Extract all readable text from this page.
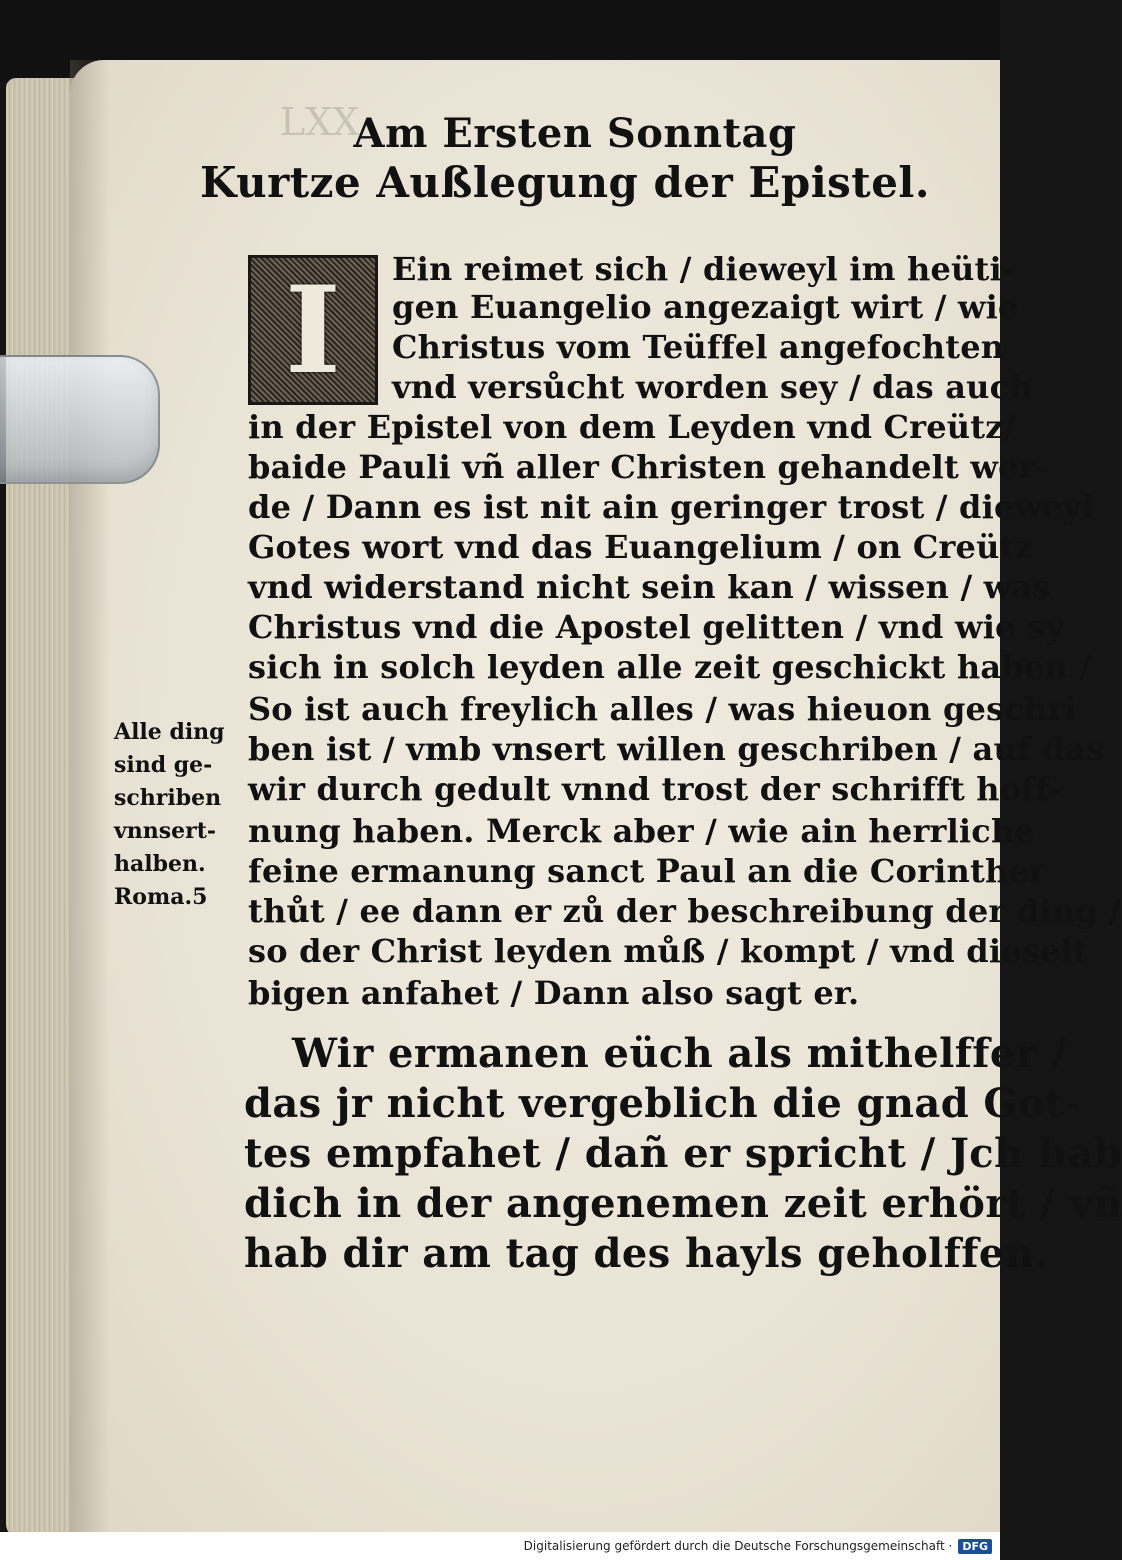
LXX
Am Ersten Sonntag
Kurtze Außlegung der Epistel.
I	Ein reimet sich / dieweyl im heüti-
gen Euangelio angezaigt wirt / wie
Christus vom Teüffel angefochten
vnd versůcht worden sey / das auch
in der Epistel von dem Leyden vnd Creütz/
baide Pauli vñ aller Christen gehandelt wer-
de / Dann es ist nit ain geringer trost / dieweyl
Gotes wort vnd das Euangelium / on Creütz
vnd widerstand nicht sein kan / wissen / was
Christus vnd die Apostel gelitten / vnd wie sy
sich in solch leyden alle zeit geschickt haben /
So ist auch freylich alles / was hieuon geschri
ben ist / vmb vnsert willen geschriben / auf das
wir durch gedult vnnd trost der schrifft hoff-
nung haben. Merck aber / wie ain herrliche
feine ermanung sanct Paul an die Corinther
thůt / ee dann er zů der beschreibung der ding /
so der Christ leyden můß / kompt / vnd dieselt
bigen anfahet / Dann also sagt er.
Wir ermanen eüch als mithelffer /
das jr nicht vergeblich die gnad Got-
tes empfahet / dañ er spricht / Jch hab
dich in der angenemen zeit erhört / vñ
hab dir am tag des hayls geholffen.
Alle ding
sind ge-
schriben
vnnsert-
halben.
Roma.5
Digitalisierung gefördert durch die Deutsche Forschungsgemeinschaft · DFG
